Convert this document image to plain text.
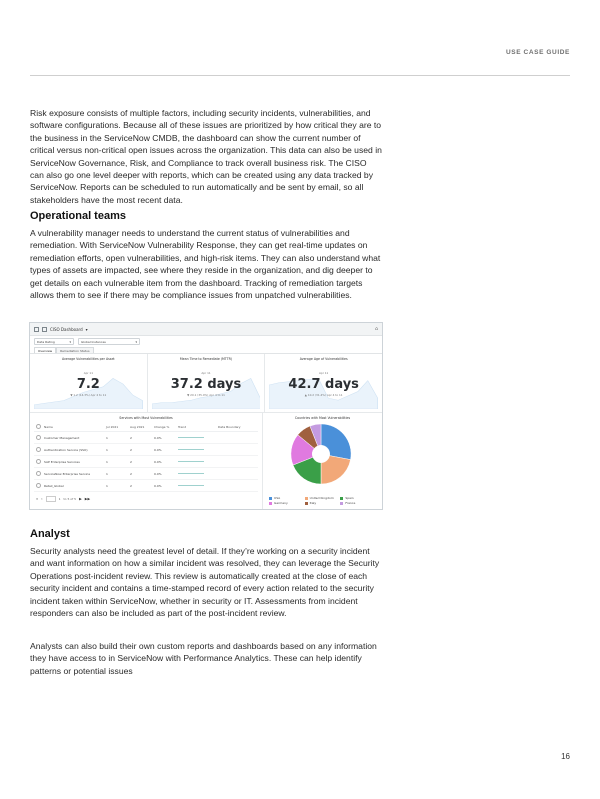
USE CASE GUIDE

Risk exposure consists of multiple factors, including security incidents, vulnerabilities, and software configurations. Because all of these issues are prioritized by how critical they are to the business in the ServiceNow CMDB, the dashboard can show the current number of critical versus non-critical open issues across the organization. This data can also be used in ServiceNow Governance, Risk, and Compliance to track overall business risk. The CISO can also go one level deeper with reports, which can be created using any data tracked by ServiceNow. Reports can be scheduled to run automatically and be sent by email, so all stakeholders have the most recent data.

Operational teams

A vulnerability manager needs to understand the current status of vulnerabilities and remediation. With ServiceNow Vulnerability Response, they can get real-time updates on remediation efforts, open vulnerabilities, and high-risk items. They can also understand what types of assets are impacted, see where they reside in the organization, and dig deeper to get details on each vulnerable item from the dashboard. Tracking of remediation targets allows them to see if there may be compliance issues from unpatched vulnerabilities.

CISO Dashboard ▾	⌂
Data Rating	▾	Global Instances	▾
Overview	Remediation Status
Average Vulnerabilities per Asset
Apr 11
7.2
▼ 1.2 (14.3%) Apr 4 to 11
Mean Time to Remediate (MTTR)
Apr 11
37.2 days
▼ 20.1 (35.0%) Apr 4 to 11
Average Age of Vulnerabilities
Apr 11
42.7 days
▲ 10.2 (31.4%) Apr 4 to 11
Services with Most Vulnerabilities
	Name	Jul 2021	Aug 2021	Change %	Trend	Data Boundary
	Customer Management	1	2	0.0%		
	Authentication Service (SSO)	1	2	0.0%		
	SAP Enterprise Services	1	2	0.0%		
	ServiceNow Enterprise Service	1	2	0.0%		
	Retail_Global	1	2	0.0%		
« ‹	1 to 5 of 5 ▶ ▶▶
Countries with Most Vulnerabilities
USA	United Kingdom	Spain
Germany	Italy	France
Analyst

Security analysts need the greatest level of detail. If they’re working on a security incident and want information on how a similar incident was resolved, they can leverage the Security Operations post-incident review. This review is automatically created at the close of each security incident and contains a time-stamped record of every action related to the security incident taken within ServiceNow, whether in security or IT. Assessments from incident responders can also be included as part of the post-incident review.

Analysts can also build their own custom reports and dashboards based on any information they have access to in ServiceNow with Performance Analytics. These can help identify patterns or potential issues

16
